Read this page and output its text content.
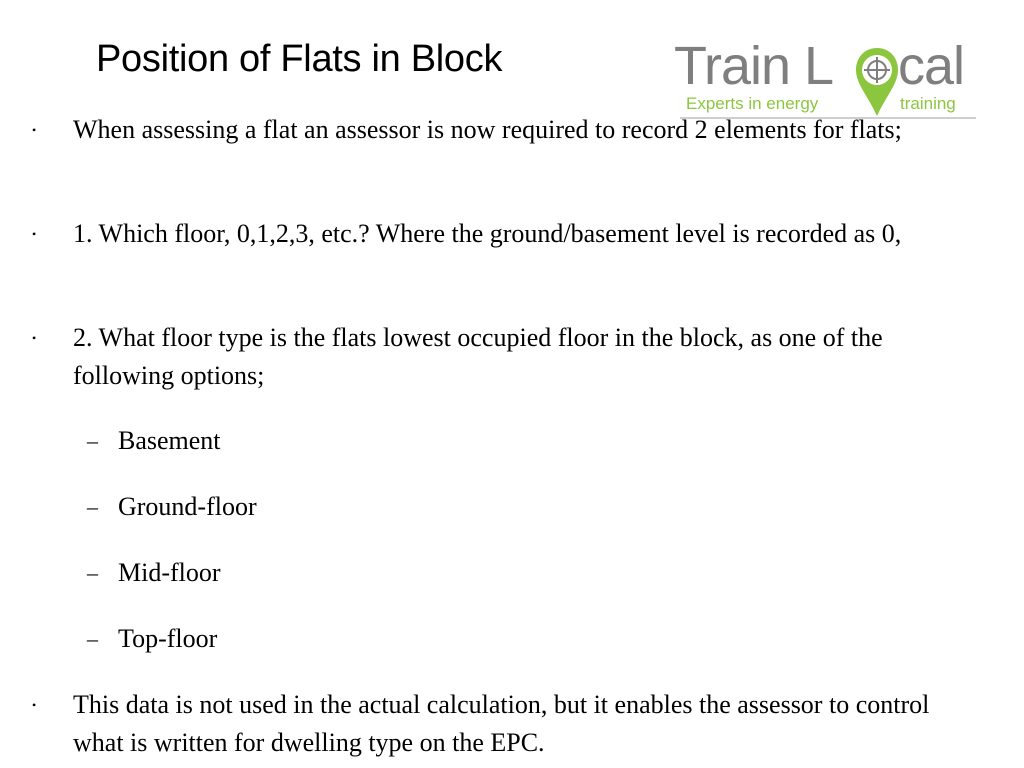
Position of Flats in Block	Train L cal
Experts in energy	training
• When assessing a flat an assessor is now required to record 2 elements for flats;
• 1. Which floor, 0,1,2,3, etc.? Where the ground/basement level is recorded as 0,
• 2. What floor type is the flats lowest occupied floor in the block, as one of the following options;
– Basement
– Ground-floor
– Mid-floor
– Top-floor
• This data is not used in the actual calculation, but it enables the assessor to control what is written for dwelling type on the EPC.
